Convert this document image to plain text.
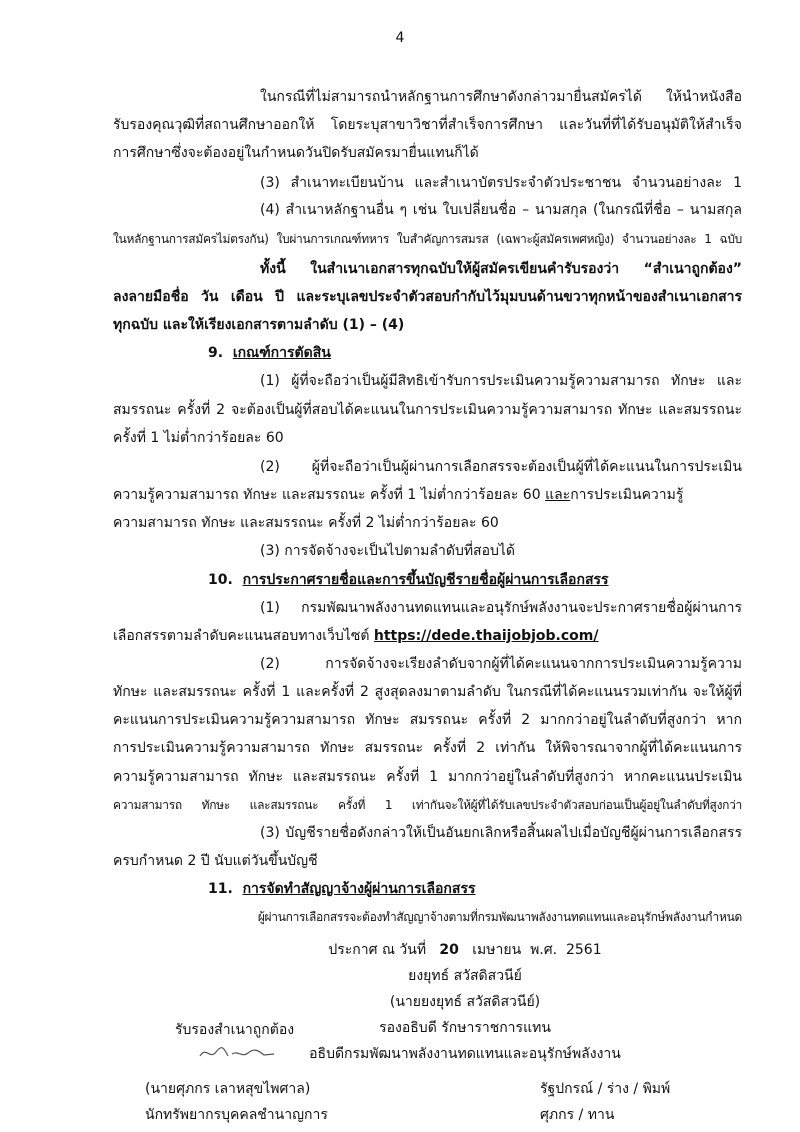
4
ในกรณีที่ไม่สามารถนำหลักฐานการศึกษาดังกล่าวมายื่นสมัครได้ ให้นำหนังสือ
รับรองคุณวุฒิที่สถานศึกษาออกให้ โดยระบุสาขาวิชาที่สำเร็จการศึกษา และวันที่ที่ได้รับอนุมัติให้สำเร็จ
การศึกษาซึ่งจะต้องอยู่ในกำหนดวันปิดรับสมัครมายื่นแทนก็ได้
(3) สำเนาทะเบียนบ้าน และสำเนาบัตรประจำตัวประชาชน จำนวนอย่างละ 1
(4) สำเนาหลักฐานอื่น ๆ เช่น ใบเปลี่ยนชื่อ – นามสกุล (ในกรณีที่ชื่อ – นามสกุล
ในหลักฐานการสมัครไม่ตรงกัน) ใบผ่านการเกณฑ์ทหาร ใบสำคัญการสมรส (เฉพาะผู้สมัครเพศหญิง) จำนวนอย่างละ 1 ฉบับ
ทั้งนี้ ในสำเนาเอกสารทุกฉบับให้ผู้สมัครเขียนคำรับรองว่า “สำเนาถูกต้อง”
ลงลายมือชื่อ วัน เดือน ปี และระบุเลขประจำตัวสอบกำกับไว้มุมบนด้านขวาทุกหน้าของสำเนาเอกสาร
ทุกฉบับ และให้เรียงเอกสารตามลำดับ (1) – (4)
9. เกณฑ์การตัดสิน
(1) ผู้ที่จะถือว่าเป็นผู้มีสิทธิเข้ารับการประเมินความรู้ความสามารถ ทักษะ และ
สมรรถนะ ครั้งที่ 2 จะต้องเป็นผู้ที่สอบได้คะแนนในการประเมินความรู้ความสามารถ ทักษะ และสมรรถนะ
ครั้งที่ 1 ไม่ต่ำกว่าร้อยละ 60
(2) ผู้ที่จะถือว่าเป็นผู้ผ่านการเลือกสรรจะต้องเป็นผู้ที่ได้คะแนนในการประเมิน
ความรู้ความสามารถ ทักษะ และสมรรถนะ ครั้งที่ 1 ไม่ต่ำกว่าร้อยละ 60 และการประเมินความรู้
ความสามารถ ทักษะ และสมรรถนะ ครั้งที่ 2 ไม่ต่ำกว่าร้อยละ 60
(3) การจัดจ้างจะเป็นไปตามลำดับที่สอบได้
10. การประกาศรายชื่อและการขึ้นบัญชีรายชื่อผู้ผ่านการเลือกสรร
(1) กรมพัฒนาพลังงานทดแทนและอนุรักษ์พลังงานจะประกาศรายชื่อผู้ผ่านการ
เลือกสรรตามลำดับคะแนนสอบทางเว็บไซต์ https://dede.thaijobjob.com/
(2) การจัดจ้างจะเรียงลำดับจากผู้ที่ได้คะแนนจากการประเมินความรู้ความ
ทักษะ และสมรรถนะ ครั้งที่ 1 และครั้งที่ 2 สูงสุดลงมาตามลำดับ ในกรณีที่ได้คะแนนรวมเท่ากัน จะให้ผู้ที่
คะแนนการประเมินความรู้ความสามารถ ทักษะ สมรรถนะ ครั้งที่ 2 มากกว่าอยู่ในลำดับที่สูงกว่า หาก
การประเมินความรู้ความสามารถ ทักษะ สมรรถนะ ครั้งที่ 2 เท่ากัน ให้พิจารณาจากผู้ที่ได้คะแนนการ
ความรู้ความสามารถ ทักษะ และสมรรถนะ ครั้งที่ 1 มากกว่าอยู่ในลำดับที่สูงกว่า หากคะแนนประเมิน
ความสามารถ ทักษะ และสมรรถนะ ครั้งที่ 1 เท่ากันจะให้ผู้ที่ได้รับเลขประจำตัวสอบก่อนเป็นผู้อยู่ในลำดับที่สูงกว่า
(3) บัญชีรายชื่อดังกล่าวให้เป็นอันยกเลิกหรือสิ้นผลไปเมื่อบัญชีผู้ผ่านการเลือกสรร
ครบกำหนด 2 ปี นับแต่วันขึ้นบัญชี
11. การจัดทำสัญญาจ้างผู้ผ่านการเลือกสรร
ผู้ผ่านการเลือกสรรจะต้องทำสัญญาจ้างตามที่กรมพัฒนาพลังงานทดแทนและอนุรักษ์พลังงานกำหนด
ประกาศ ณ วันที่ 20 เมษายน พ.ศ. 2561
ยงยุทธ์ สวัสดิสวนีย์
(นายยงยุทธ์ สวัสดิสวนีย์)
รองอธิบดี รักษาราชการแทน
อธิบดีกรมพัฒนาพลังงานทดแทนและอนุรักษ์พลังงาน
รับรองสำเนาถูกต้อง
(นายศุภกร เลาหสุขไพศาล)
นักทรัพยากรบุคคลชำนาญการ
รัฐปกรณ์ / ร่าง / พิมพ์
ศุภกร / ทาน
